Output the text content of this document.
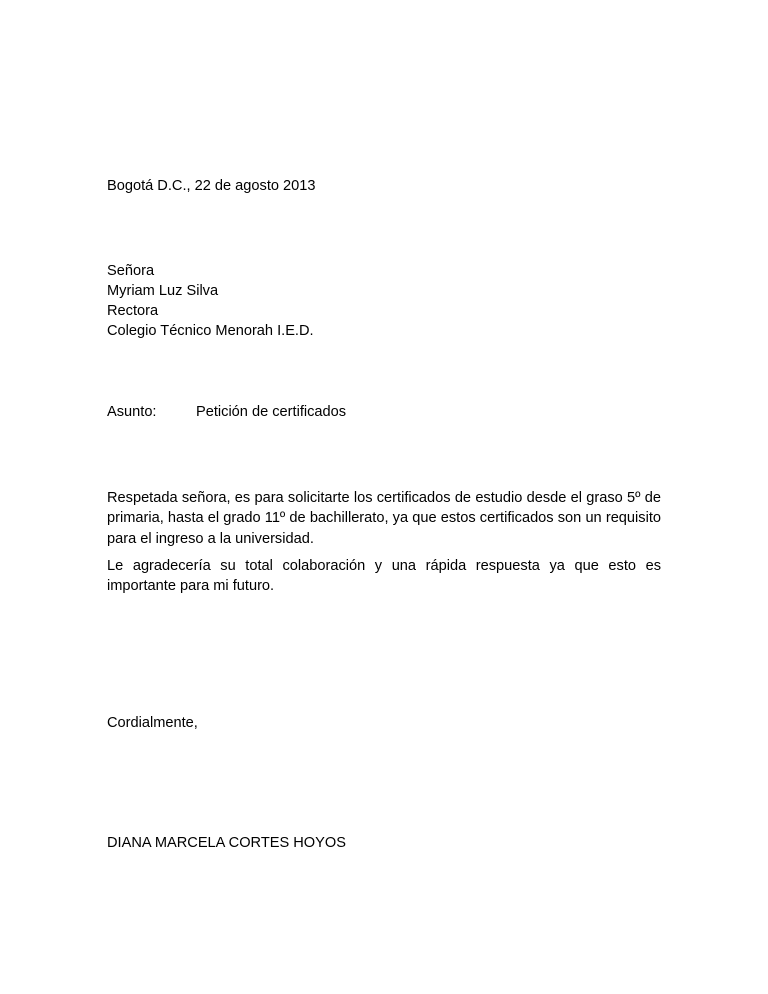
Bogotá D.C., 22 de agosto 2013
Señora
Myriam Luz Silva
Rectora
Colegio Técnico Menorah I.E.D.
Asunto:	Petición de certificados
Respetada señora, es para solicitarte los certificados de estudio desde el graso 5º de primaria, hasta el grado 11º de bachillerato, ya que estos certificados son un requisito para el ingreso a la universidad.
Le agradecería su total colaboración y una rápida respuesta ya que esto es importante para mi futuro.
Cordialmente,
DIANA MARCELA CORTES HOYOS
